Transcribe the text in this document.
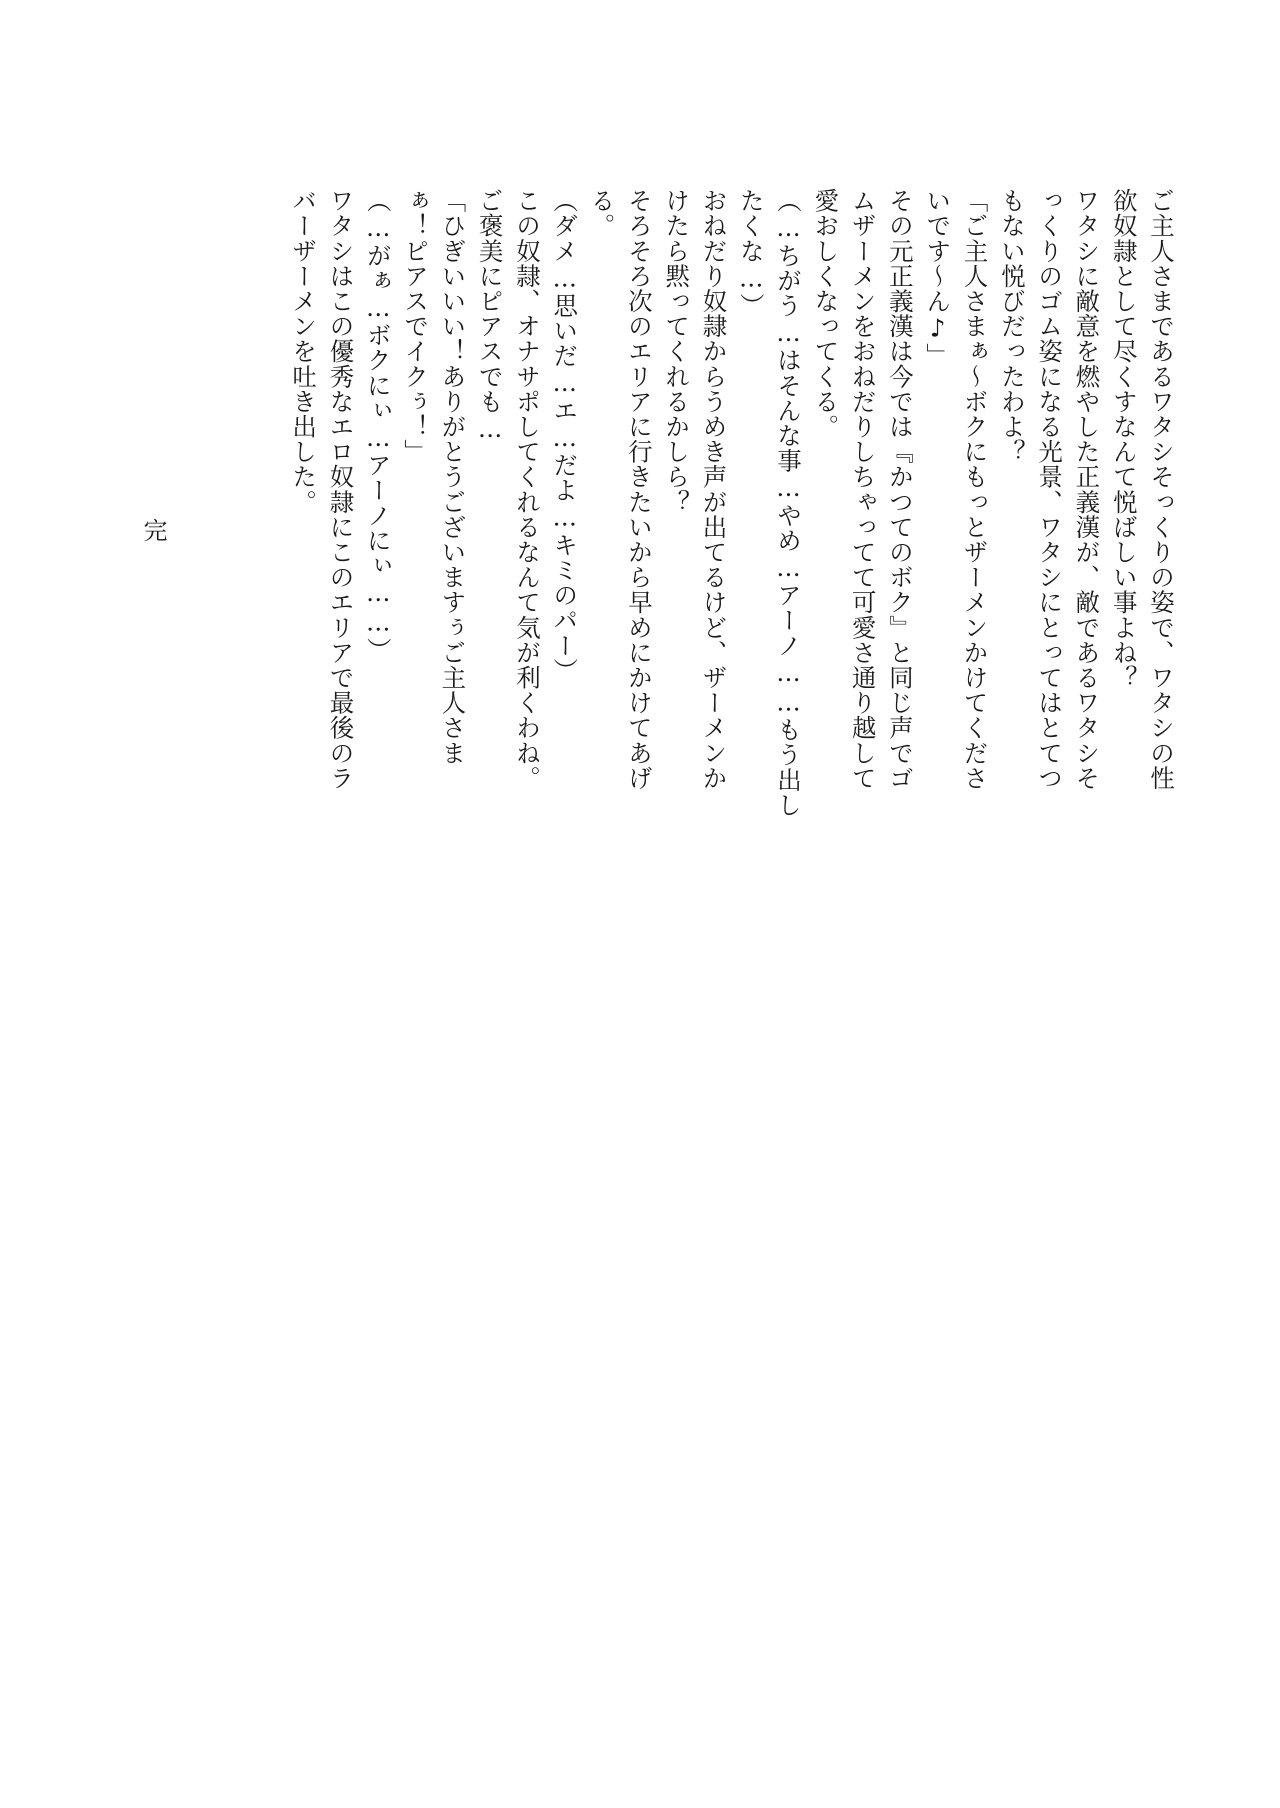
ご主人さまであるワタシそっくりの姿で、ワタシの性
欲奴隷として尽くすなんて悦ばしい事よね？
ワタシに敵意を燃やした正義漢が、敵であるワタシそ
っくりのゴム姿になる光景、ワタシにとってはとてつ
もない悦びだったわよ？
「ご主人さまぁ～ボクにもっとザーメンかけてくださ
いです～ん♪」
その元正義漢は今では『かつてのボク』と同じ声でゴ
ムザーメンをおねだりしちゃってて可愛さ通り越して
愛おしくなってくる。
（…ちがう…はそんな事…やめ…アーノ……もう出し
たくな…）
おねだり奴隷からうめき声が出てるけど、ザーメンか
けたら黙ってくれるかしら？
そろそろ次のエリアに行きたいから早めにかけてあげ
る。
（ダメ…思いだ…エ…だよ…キミのパー）
この奴隷、オナサポしてくれるなんて気が利くわね。
ご褒美にピアスでも…
「ひぎいいい！ありがとうございますぅご主人さま
ぁ！ピアスでイクぅ！」
（…がぁ…ボクにぃ…アーノにぃ……）
ワタシはこの優秀なエロ奴隷にこのエリアで最後のラ
バーザーメンを吐き出した。
完
